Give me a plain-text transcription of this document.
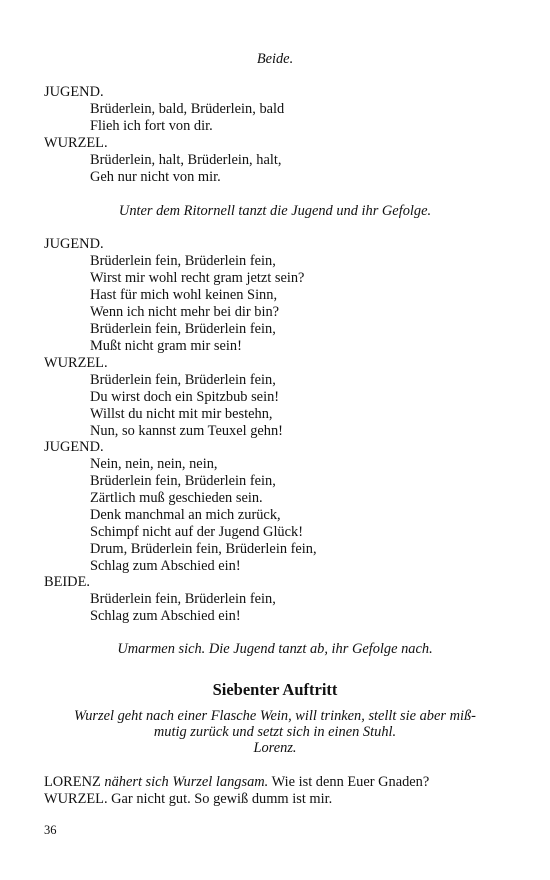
Beide.
JUGEND.
Brüderlein, bald, Brüderlein, bald
Flieh ich fort von dir.
WURZEL.
Brüderlein, halt, Brüderlein, halt,
Geh nur nicht von mir.
Unter dem Ritornell tanzt die Jugend und ihr Gefolge.
JUGEND.
Brüderlein fein, Brüderlein fein,
Wirst mir wohl recht gram jetzt sein?
Hast für mich wohl keinen Sinn,
Wenn ich nicht mehr bei dir bin?
Brüderlein fein, Brüderlein fein,
Mußt nicht gram mir sein!
WURZEL.
Brüderlein fein, Brüderlein fein,
Du wirst doch ein Spitzbub sein!
Willst du nicht mit mir bestehn,
Nun, so kannst zum Teuxel gehn!
JUGEND.
Nein, nein, nein, nein,
Brüderlein fein, Brüderlein fein,
Zärtlich muß geschieden sein.
Denk manchmal an mich zurück,
Schimpf nicht auf der Jugend Glück!
Drum, Brüderlein fein, Brüderlein fein,
Schlag zum Abschied ein!
BEIDE.
Brüderlein fein, Brüderlein fein,
Schlag zum Abschied ein!
Umarmen sich. Die Jugend tanzt ab, ihr Gefolge nach.
Siebenter Auftritt
Wurzel geht nach einer Flasche Wein, will trinken, stellt sie aber miß-
mutig zurück und setzt sich in einen Stuhl.
Lorenz.
LORENZ nähert sich Wurzel langsam. Wie ist denn Euer Gnaden?
WURZEL. Gar nicht gut. So gewiß dumm ist mir.
36
